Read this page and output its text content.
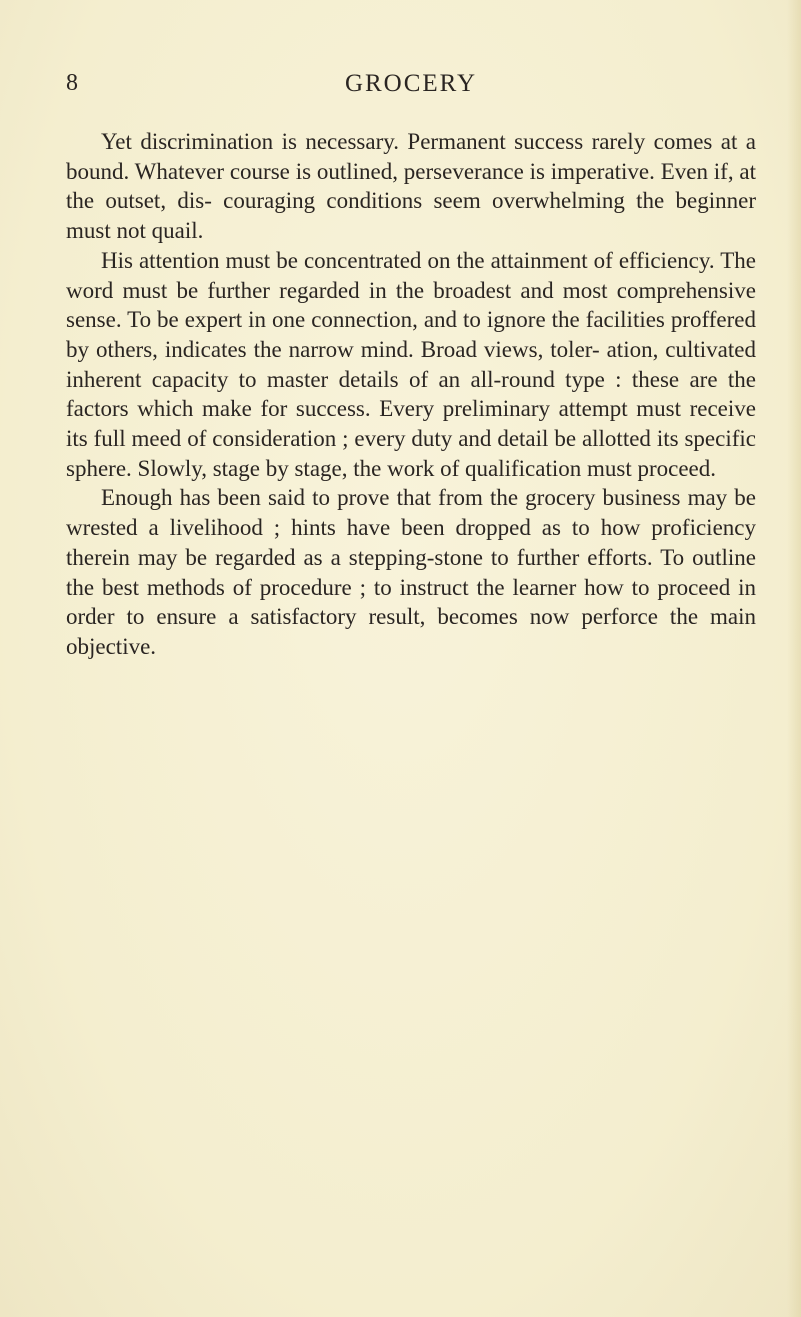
8	GROCERY

Yet discrimination is necessary. Permanent success rarely comes at a bound. Whatever course is outlined, perseverance is imperative. Even if, at the outset, dis- couraging conditions seem overwhelming the beginner must not quail.

His attention must be concentrated on the attainment of efficiency. The word must be further regarded in the broadest and most comprehensive sense. To be expert in one connection, and to ignore the facilities proffered by others, indicates the narrow mind. Broad views, toler- ation, cultivated inherent capacity to master details of an all-round type : these are the factors which make for success. Every preliminary attempt must receive its full meed of consideration ; every duty and detail be allotted its specific sphere. Slowly, stage by stage, the work of qualification must proceed.

Enough has been said to prove that from the grocery business may be wrested a livelihood ; hints have been dropped as to how proficiency therein may be regarded as a stepping-stone to further efforts. To outline the best methods of procedure ; to instruct the learner how to proceed in order to ensure a satisfactory result, becomes now perforce the main objective.
